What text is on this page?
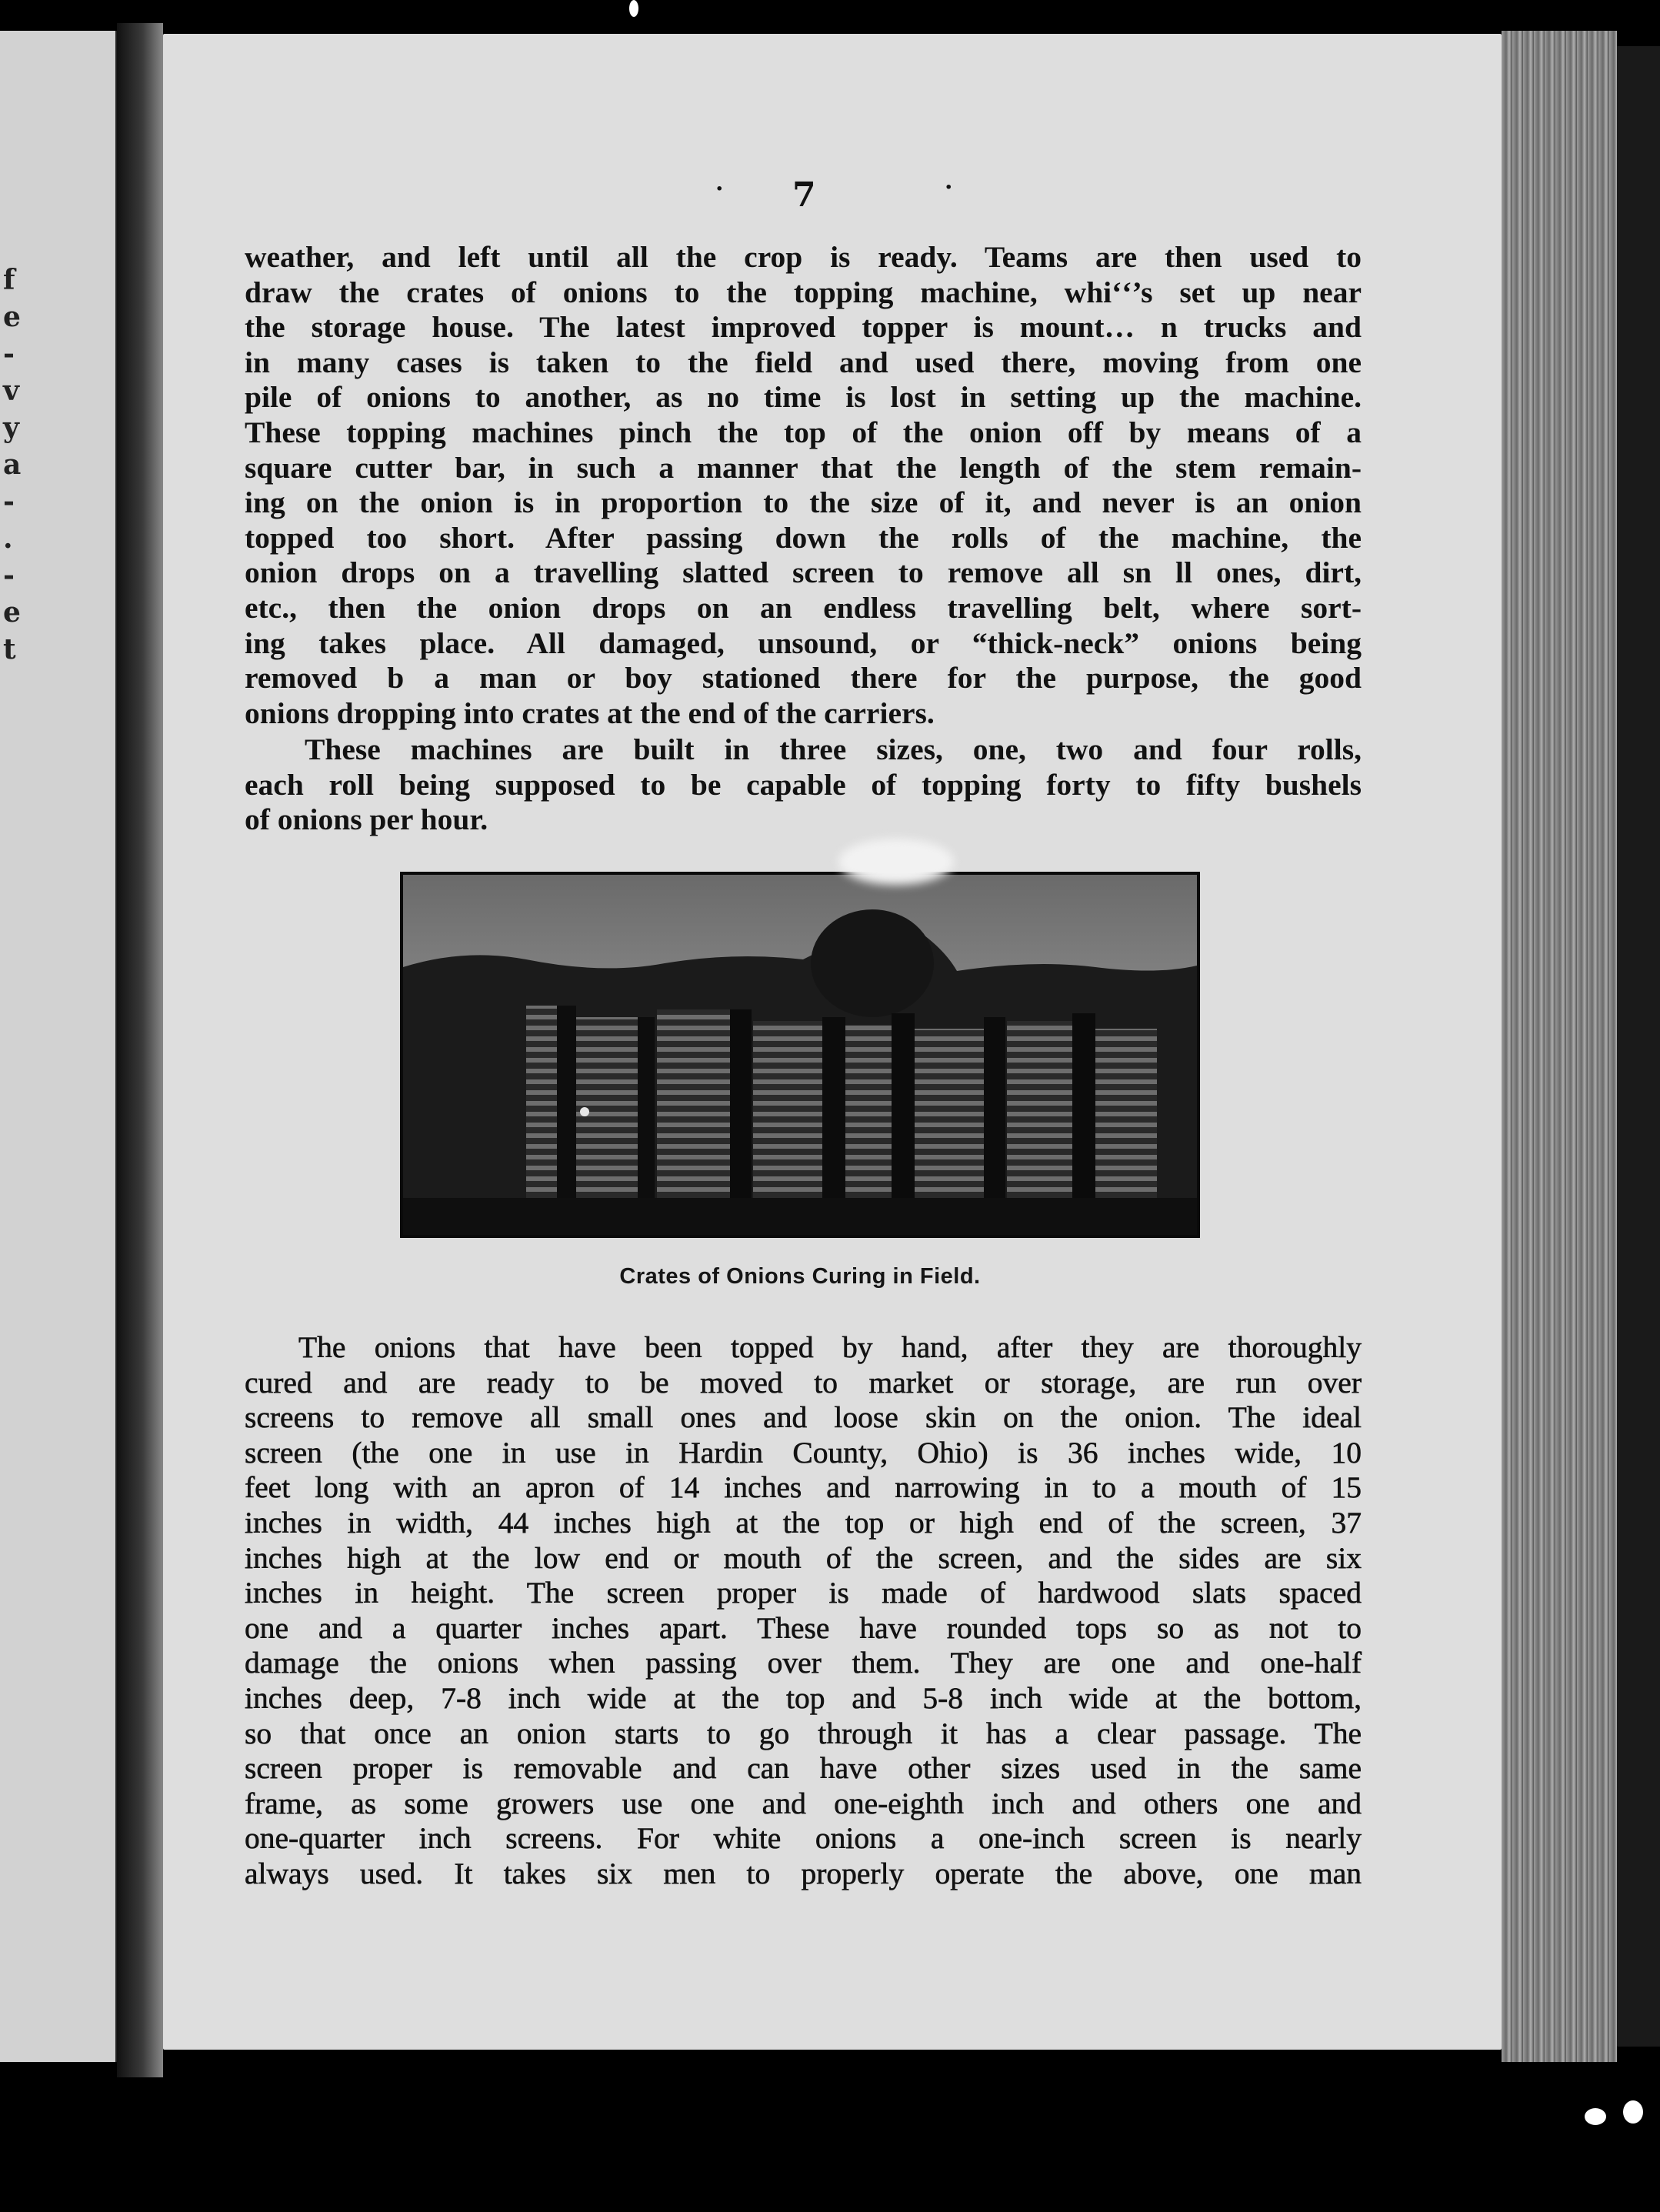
f
e
-
v
y
a
-
.
-
e
t
·	·
7
weather, and left until all the crop is ready. Teams are then used to
draw the crates of onions to the topping machine, whiʻʻ’s set up near
the storage house. The latest improved topper is mount… n trucks and
in many cases is taken to the field and used there, moving from one
pile of onions to another, as no time is lost in setting up the machine.
These topping machines pinch the top of the onion off by means of a
square cutter bar, in such a manner that the length of the stem remain-
ing on the onion is in proportion to the size of it, and never is an onion
topped too short. After passing down the rolls of the machine, the
onion drops on a travelling slatted screen to remove all sn ll ones, dirt,
etc., then the onion drops on an endless travelling belt, where sort-
ing takes place. All damaged, unsound, or “thick-neck” onions being
removed b a man or boy stationed there for the purpose, the good
onions dropping into crates at the end of the carriers.
These machines are built in three sizes, one, two and four rolls,
each roll being supposed to be capable of topping forty to fifty bushels
of onions per hour.
Crates of Onions Curing in Field.
The onions that have been topped by hand, after they are thoroughly
cured and are ready to be moved to market or storage, are run over
screens to remove all small ones and loose skin on the onion. The ideal
screen (the one in use in Hardin County, Ohio) is 36 inches wide, 10
feet long with an apron of 14 inches and narrowing in to a mouth of 15
inches in width, 44 inches high at the top or high end of the screen, 37
inches high at the low end or mouth of the screen, and the sides are six
inches in height. The screen proper is made of hardwood slats spaced
one and a quarter inches apart. These have rounded tops so as not to
damage the onions when passing over them. They are one and one-half
inches deep, 7-8 inch wide at the top and 5-8 inch wide at the bottom,
so that once an onion starts to go through it has a clear passage. The
screen proper is removable and can have other sizes used in the same
frame, as some growers use one and one-eighth inch and others one and
one-quarter inch screens. For white onions a one-inch screen is nearly
always used. It takes six men to properly operate the above, one man
